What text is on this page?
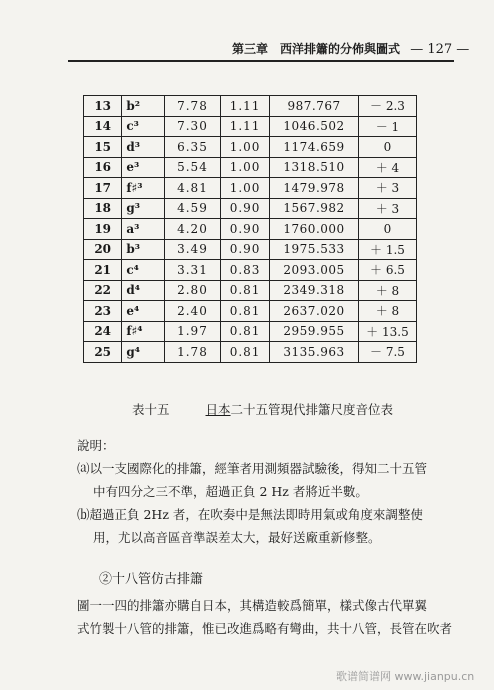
第三章　西洋排簫的分佈與圖式 — 127 —
13	b²	7.78	1.11	987.767	－ 2.3
14	c³	7.30	1.11	1046.502	－ 1
15	d³	6.35	1.00	1174.659	0
16	e³	5.54	1.00	1318.510	＋ 4
17	f♯³	4.81	1.00	1479.978	＋ 3
18	g³	4.59	0.90	1567.982	＋ 3
19	a³	4.20	0.90	1760.000	0
20	b³	3.49	0.90	1975.533	＋ 1.5
21	c⁴	3.31	0.83	2093.005	＋ 6.5
22	d⁴	2.80	0.81	2349.318	＋ 8
23	e⁴	2.40	0.81	2637.020	＋ 8
24	f♯⁴	1.97	0.81	2959.955	＋ 13.5
25	g⁴	1.78	0.81	3135.963	－ 7.5
表十五	日本二十五管現代排簫尺度音位表
說明：
⒜以一支國際化的排簫，經筆者用測頻器試驗後，得知二十五管
中有四分之三不準，超過正負 2 Hz 者將近半數。
⒝超過正負 2Hz 者，在吹奏中是無法即時用氣或角度來調整使
用，尤以高音區音準誤差太大，最好送廠重新修整。
②十八管仿古排簫
圖一一四的排簫亦購自日本，其構造較爲簡單，樣式像古代單翼
式竹製十八管的排簫，惟已改進爲略有彎曲，共十八管，長管在吹者
歌谱简谱网 www.jianpu.cn
